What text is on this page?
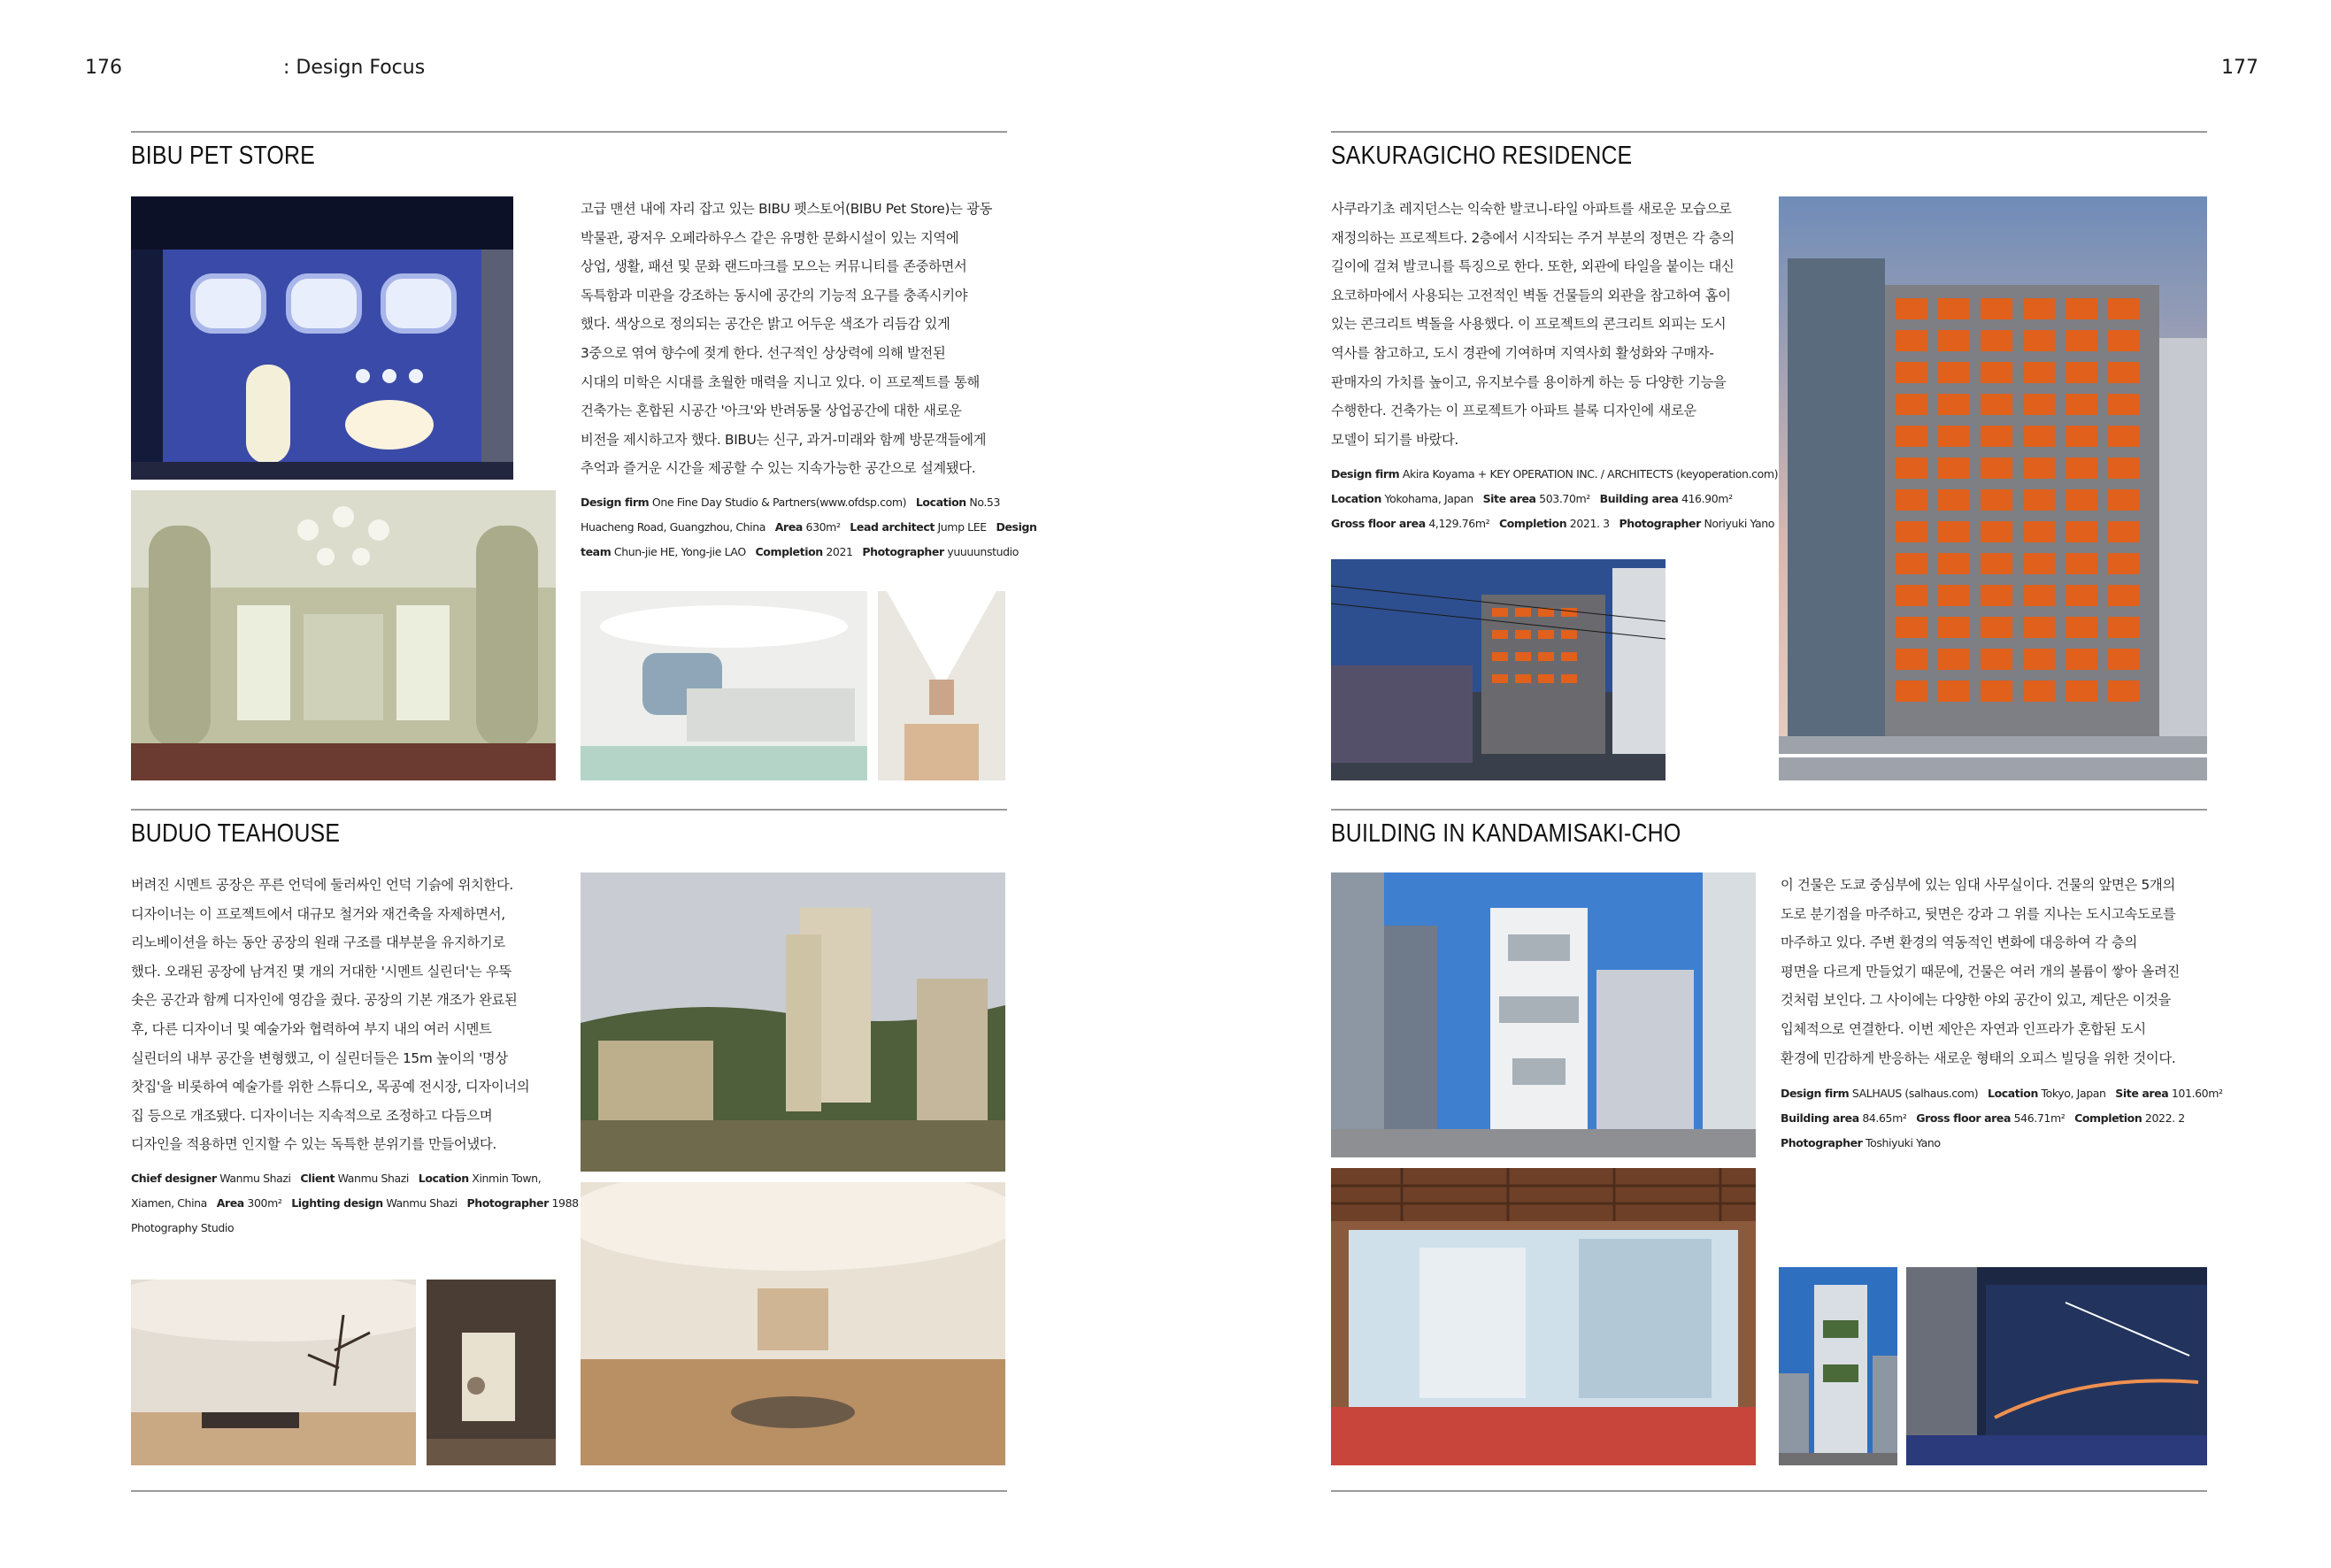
176	: Design Focus	177
BIBU PET STORE
고급 맨션 내에 자리 잡고 있는 BIBU 펫스토어(BIBU Pet Store)는 광동
박물관, 광저우 오페라하우스 같은 유명한 문화시설이 있는 지역에
상업, 생활, 패션 및 문화 랜드마크를 모으는 커뮤니티를 존중하면서
독특함과 미관을 강조하는 동시에 공간의 기능적 요구를 충족시키야
했다. 색상으로 정의되는 공간은 밝고 어두운 색조가 리듬감 있게
3중으로 엮여 향수에 젖게 한다. 선구적인 상상력에 의해 발전된
시대의 미학은 시대를 초월한 매력을 지니고 있다. 이 프로젝트를 통해
건축가는 혼합된 시공간 '아크'와 반려동물 상업공간에 대한 새로운
비전을 제시하고자 했다. BIBU는 신구, 과거-미래와 함께 방문객들에게
추억과 즐거운 시간을 제공할 수 있는 지속가능한 공간으로 설계됐다.
Design firm One Fine Day Studio & Partners(www.ofdsp.com) Location No.53
Huacheng Road, Guangzhou, China Area 630m² Lead architect Jump LEE Design
team Chun-jie HE, Yong-jie LAO Completion 2021 Photographer yuuuunstudio
BUDUO TEAHOUSE
버려진 시멘트 공장은 푸른 언덕에 둘러싸인 언덕 기슭에 위치한다.
디자이너는 이 프로젝트에서 대규모 철거와 재건축을 자제하면서,
리노베이션을 하는 동안 공장의 원래 구조를 대부분을 유지하기로
했다. 오래된 공장에 남겨진 몇 개의 거대한 '시멘트 실린더'는 우뚝
솟은 공간과 함께 디자인에 영감을 줬다. 공장의 기본 개조가 완료된
후, 다른 디자이너 및 예술가와 협력하여 부지 내의 여러 시멘트
실린더의 내부 공간을 변형했고, 이 실린더들은 15m 높이의 '명상
찻집'을 비롯하여 예술가를 위한 스튜디오, 목공예 전시장, 디자이너의
집 등으로 개조됐다. 디자이너는 지속적으로 조정하고 다듬으며
디자인을 적용하면 인지할 수 있는 독특한 분위기를 만들어냈다.
Chief designer Wanmu Shazi Client Wanmu Shazi Location Xinmin Town,
Xiamen, China Area 300m² Lighting design Wanmu Shazi Photographer 1988
Photography Studio
SAKURAGICHO RESIDENCE
사쿠라기초 레지던스는 익숙한 발코니-타일 아파트를 새로운 모습으로
재정의하는 프로젝트다. 2층에서 시작되는 주거 부분의 정면은 각 층의
길이에 걸쳐 발코니를 특징으로 한다. 또한, 외관에 타일을 붙이는 대신
요코하마에서 사용되는 고전적인 벽돌 건물들의 외관을 참고하여 홈이
있는 콘크리트 벽돌을 사용했다. 이 프로젝트의 콘크리트 외피는 도시
역사를 참고하고, 도시 경관에 기여하며 지역사회 활성화와 구매자-
판매자의 가치를 높이고, 유지보수를 용이하게 하는 등 다양한 기능을
수행한다. 건축가는 이 프로젝트가 아파트 블록 디자인에 새로운
모델이 되기를 바랐다.
Design firm Akira Koyama + KEY OPERATION INC. / ARCHITECTS (keyoperation.com)
Location Yokohama, Japan Site area 503.70m² Building area 416.90m²
Gross floor area 4,129.76m² Completion 2021. 3 Photographer Noriyuki Yano
BUILDING IN KANDAMISAKI-CHO
이 건물은 도쿄 중심부에 있는 임대 사무실이다. 건물의 앞면은 5개의
도로 분기점을 마주하고, 뒷면은 강과 그 위를 지나는 도시고속도로를
마주하고 있다. 주변 환경의 역동적인 변화에 대응하여 각 층의
평면을 다르게 만들었기 때문에, 건물은 여러 개의 볼륨이 쌓아 올려진
것처럼 보인다. 그 사이에는 다양한 야외 공간이 있고, 계단은 이것을
입체적으로 연결한다. 이번 제안은 자연과 인프라가 혼합된 도시
환경에 민감하게 반응하는 새로운 형태의 오피스 빌딩을 위한 것이다.
Design firm SALHAUS (salhaus.com) Location Tokyo, Japan Site area 101.60m²
Building area 84.65m² Gross floor area 546.71m² Completion 2022. 2
Photographer Toshiyuki Yano
